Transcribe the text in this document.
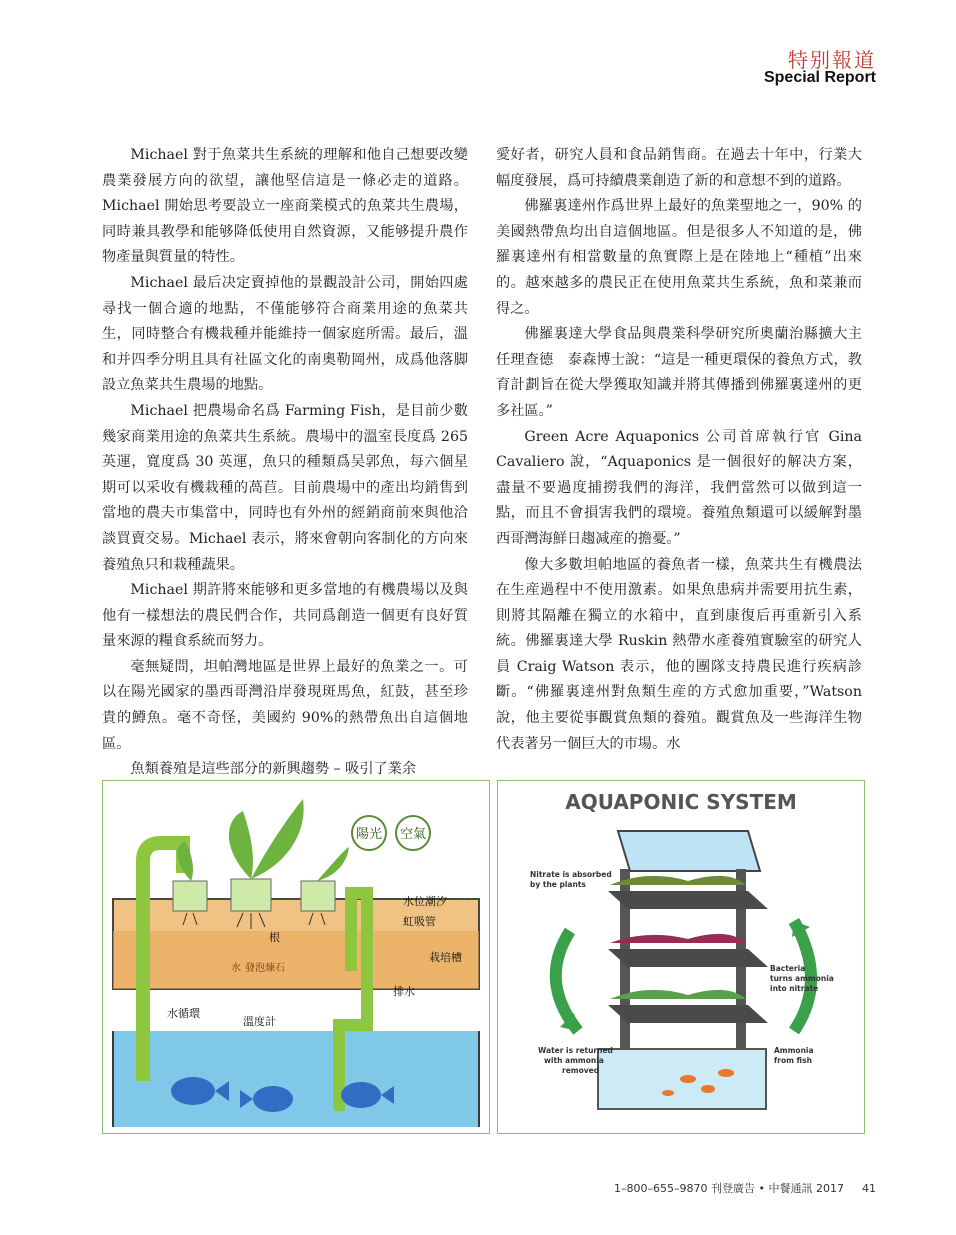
特别報道
Special Report

Michael 對于魚菜共生系統的理解和他自己想要改變農業發展方向的欲望，讓他堅信這是一條必走的道路。Michael 開始思考要設立一座商業模式的魚菜共生農場，同時兼具教學和能够降低使用自然資源，又能够提升農作物產量與質量的特性。

Michael 最后决定賣掉他的景觀設計公司，開始四處尋找一個合適的地點，不僅能够符合商業用途的魚菜共生，同時整合有機栽種并能維持一個家庭所需。最后，溫和并四季分明且具有社區文化的南奧勒岡州，成爲他落脚設立魚菜共生農場的地點。

Michael 把農場命名爲 Farming Fish，是目前少數幾家商業用途的魚菜共生系統。農場中的溫室長度爲 265 英運，寬度爲 30 英運，魚只的種類爲吴郭魚，每六個星期可以采收有機栽種的萵苣。目前農場中的產出均銷售到當地的農夫市集當中，同時也有外州的經銷商前來與他洽談買賣交易。Michael 表示，將來會朝向客制化的方向來養殖魚只和栽種蔬果。

Michael 期許將來能够和更多當地的有機農場以及與他有一樣想法的農民們合作，共同爲創造一個更有良好質量來源的糧食系統而努力。

毫無疑問，坦帕灣地區是世界上最好的魚業之一。可以在陽光國家的墨西哥灣沿岸發現斑馬魚，紅鼓，甚至珍貴的鱒魚。毫不奇怪，美國約 90%的熱帶魚出自這個地區。

魚類養殖是這些部分的新興趨勢 – 吸引了業余

愛好者，研究人員和食品銷售商。在過去十年中，行業大幅度發展，爲可持續農業創造了新的和意想不到的道路。

佛羅裏達州作爲世界上最好的魚業聖地之一，90% 的美國熱帶魚均出自這個地區。但是很多人不知道的是，佛羅裏達州有相當數量的魚實際上是在陸地上“種植”出來的。越來越多的農民正在使用魚菜共生系統，魚和菜兼而得之。

佛羅裏達大學食品與農業科學研究所奧蘭治縣擴大主任理查德　泰森博士說：“這是一種更環保的養魚方式，教育計劃旨在從大學獲取知識并將其傳播到佛羅裏達州的更多社區。”

Green Acre Aquaponics 公司首席執行官 Gina Cavaliero 說，“Aquaponics 是一個很好的解决方案，盡量不要過度捕撈我們的海洋，我們當然可以做到這一點，而且不會損害我們的環境。養殖魚類還可以緩解對墨西哥灣海鮮日趨减産的擔憂。”

像大多數坦帕地區的養魚者一樣，魚菜共生有機農法在生産過程中不使用激素。如果魚患病并需要用抗生素，則將其隔離在獨立的水箱中，直到康復后再重新引入系統。佛羅裏達大學 Ruskin 熱帶水產養殖實驗室的研究人員 Craig Watson 表示，他的團隊支持農民進行疾病診斷。“佛羅裏達州對魚類生産的方式愈加重要，”Watson 說，他主要從事觀賞魚類的養殖。觀賞魚及一些海洋生物代表著另一個巨大的市場。水

陽光 空氣
水位潮汐
虹吸管
栽培槽
根
水 發泡煉石
排水
水循環
溫度計
AQUAPONIC SYSTEM
Nitrate is absorbed
by the plants
Bacteria
turns ammonia
into nitrate
Water is returned
with ammonia
removed
Ammonia
from fish
1–800–655–9870 刊登廣告 • 中餐通訊 2017 41
